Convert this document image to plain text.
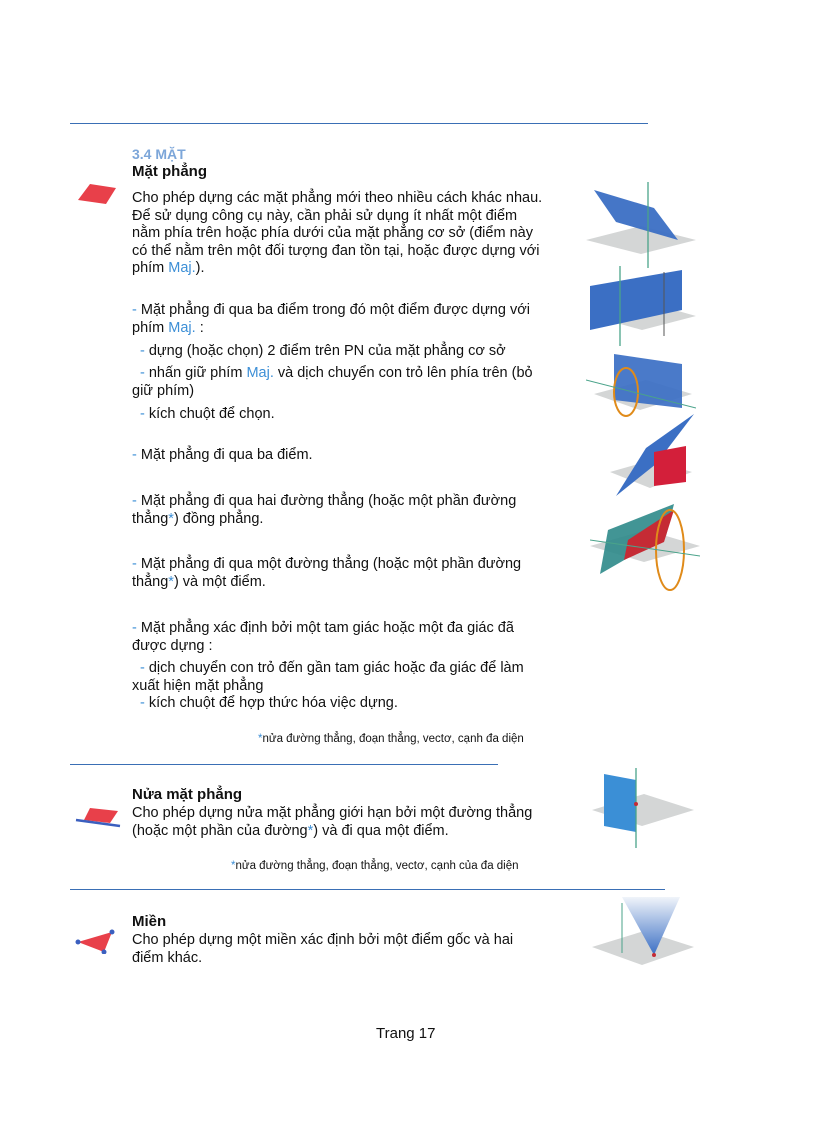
3.4 MẶT
Mặt phẳng
Cho phép dựng các mặt phẳng mới theo nhiều cách khác nhau.
Để sử dụng công cụ này, cần phải sử dụng ít nhất một điểm
nằm phía trên hoặc phía dưới của mặt phẳng cơ sở (điểm này
có thể nằm trên một đối tượng đan tồn tại, hoặc được dựng với
phím Maj.).
- Mặt phẳng đi qua ba điểm trong đó một điểm được dựng với
phím Maj. :
- dựng (hoặc chọn) 2 điểm trên PN của mặt phẳng cơ sở
- nhấn giữ phím Maj. và dịch chuyển con trỏ lên phía trên (bỏ
giữ phím)
- kích chuột để chọn.
- Mặt phẳng đi qua ba điểm.
- Mặt phẳng đi qua hai đường thẳng (hoặc một phần đường
thẳng*) đồng phẳng.
- Mặt phẳng đi qua một đường thẳng (hoặc một phần đường
thẳng*) và một điểm.
- Mặt phẳng xác định bởi một tam giác hoặc một đa giác đã
được dựng :
- dịch chuyển con trỏ đến gần tam giác hoặc đa giác để làm
xuất hiện mặt phẳng
- kích chuột để hợp thức hóa việc dựng.
*nửa đường thẳng, đoạn thẳng, vectơ, cạnh đa diện
Nửa mặt phẳng
Cho phép dựng nửa mặt phẳng giới hạn bởi một đường thẳng
(hoặc một phần của đường*) và đi qua một điểm.
*nửa đường thẳng, đoạn thẳng, vectơ, cạnh của đa diện
Miền
Cho phép dựng một miền xác định bởi một điểm gốc và hai
điểm khác.
Trang 17
